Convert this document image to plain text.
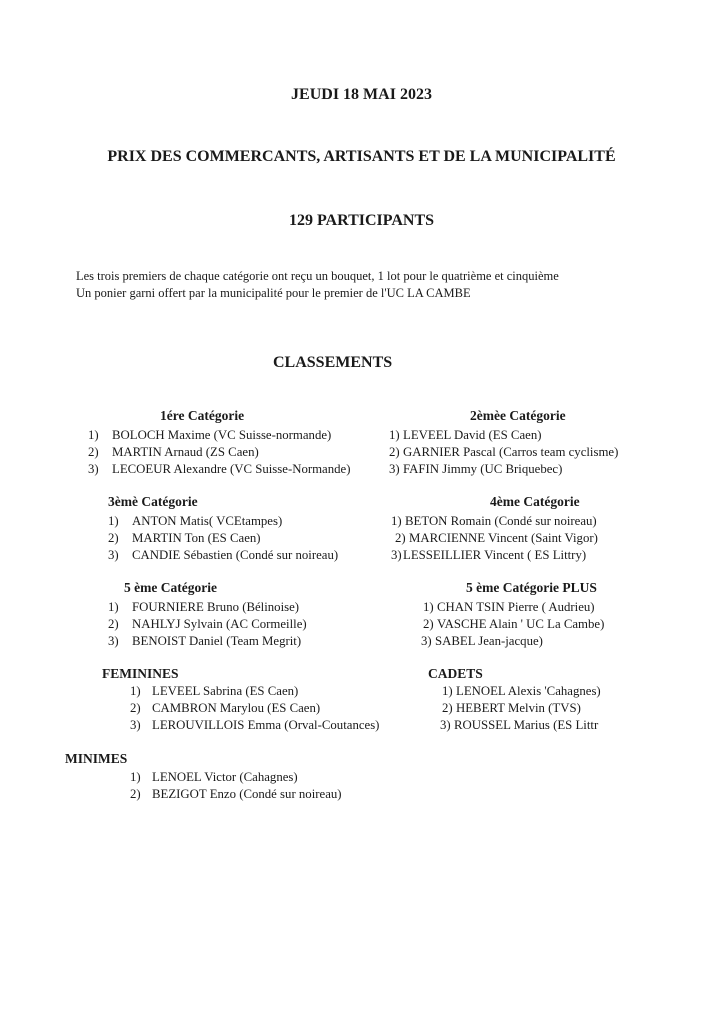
JEUDI 18 MAI 2023
PRIX DES COMMERCANTS, ARTISANTS ET DE LA MUNICIPALITÉ
129 PARTICIPANTS
Les trois premiers de chaque catégorie ont reçu un bouquet, 1 lot pour le quatrième et cinquième
Un ponier garni offert par la municipalité pour le premier de l'UC LA CAMBE
CLASSEMENTS
1ére Catégorie
1) BOLOCH Maxime (VC Suisse-normande)
2) MARTIN Arnaud (ZS Caen)
3) LECOEUR Alexandre (VC Suisse-Normande)
2èmèe Catégorie
1) LEVEEL David (ES Caen)
2) GARNIER Pascal (Carros team cyclisme)
3) FAFIN Jimmy (UC Briquebec)
3èmè Catégorie
1) ANTON Matis( VCEtampes)
2) MARTIN Ton (ES Caen)
3) CANDIE Sébastien (Condé sur noireau)
4ème Catégorie
1) BETON Romain (Condé sur noireau)
2) MARCIENNE Vincent (Saint Vigor)
3)LESSEILLIER Vincent ( ES Littry)
5 ème Catégorie
1) FOURNIERE Bruno (Bélinoise)
2) NAHLYJ Sylvain (AC Cormeille)
3) BENOIST Daniel (Team Megrit)
5 ème Catégorie PLUS
1) CHAN TSIN Pierre ( Audrieu)
2) VASCHE Alain ' UC La Cambe)
3) SABEL Jean-jacque)
FEMININES
1) LEVEEL Sabrina (ES Caen)
2) CAMBRON Marylou (ES Caen)
3) LEROUVILLOIS Emma (Orval-Coutances)
CADETS
1) LENOEL Alexis 'Cahagnes)
2) HEBERT Melvin (TVS)
3) ROUSSEL Marius (ES Littr
MINIMES
1) LENOEL Victor (Cahagnes)
2) BEZIGOT Enzo (Condé sur noireau)
